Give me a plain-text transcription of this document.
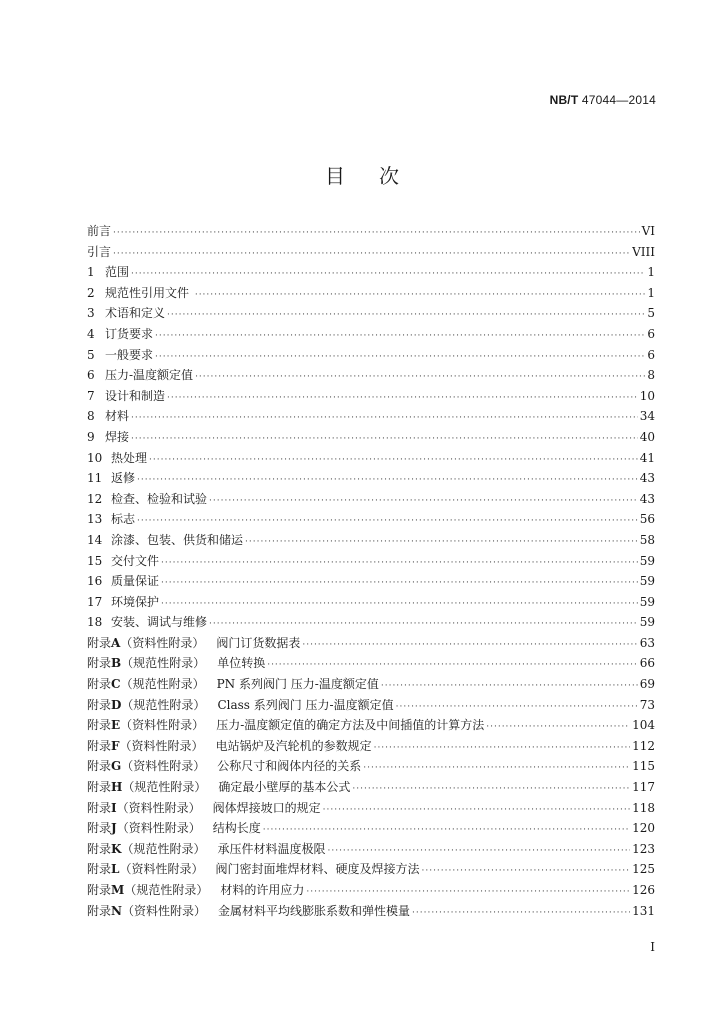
NB/T 47044—2014
目次
前言 ·····	VI
引言 ·····	VIII
1 范围 ·····	1
2 规范性引用文件 ·····	1
3 术语和定义 ·····	5
4 订货要求 ·····	6
5 一般要求 ·····	6
6 压力-温度额定值 ·····	8
7 设计和制造 ·····	10
8 材料 ·····	34
9 焊接 ·····	40
10 热处理 ·····	41
11 返修 ·····	43
12 检查、检验和试验 ·····	43
13 标志 ·····	56
14 涂漆、包装、供货和储运 ·····	58
15 交付文件 ·····	59
16 质量保证 ·····	59
17 环境保护 ·····	59
18 安装、调试与维修 ·····	59
附录A（资料性附录）	阀门订货数据表 ·····	63
附录B（规范性附录）	单位转换 ·····	66
附录C（规范性附录）	PN 系列阀门 压力-温度额定值 ·····	69
附录D（规范性附录）	Class 系列阀门 压力-温度额定值 ·····	73
附录E（资料性附录）	压力-温度额定值的确定方法及中间插值的计算方法 ·····	104
附录F（资料性附录）	电站锅炉及汽轮机的参数规定 ·····	112
附录G（资料性附录）	公称尺寸和阀体内径的关系 ·····	115
附录H（规范性附录）	确定最小壁厚的基本公式 ·····	117
附录I（资料性附录）	阀体焊接坡口的规定 ·····	118
附录J（资料性附录）	结构长度 ·····	120
附录K（规范性附录）	承压件材料温度极限 ·····	123
附录L（资料性附录）	阀门密封面堆焊材料、硬度及焊接方法 ·····	125
附录M（规范性附录）	材料的许用应力 ·····	126
附录N（资料性附录）	金属材料平均线膨胀系数和弹性模量 ·····	131
I
